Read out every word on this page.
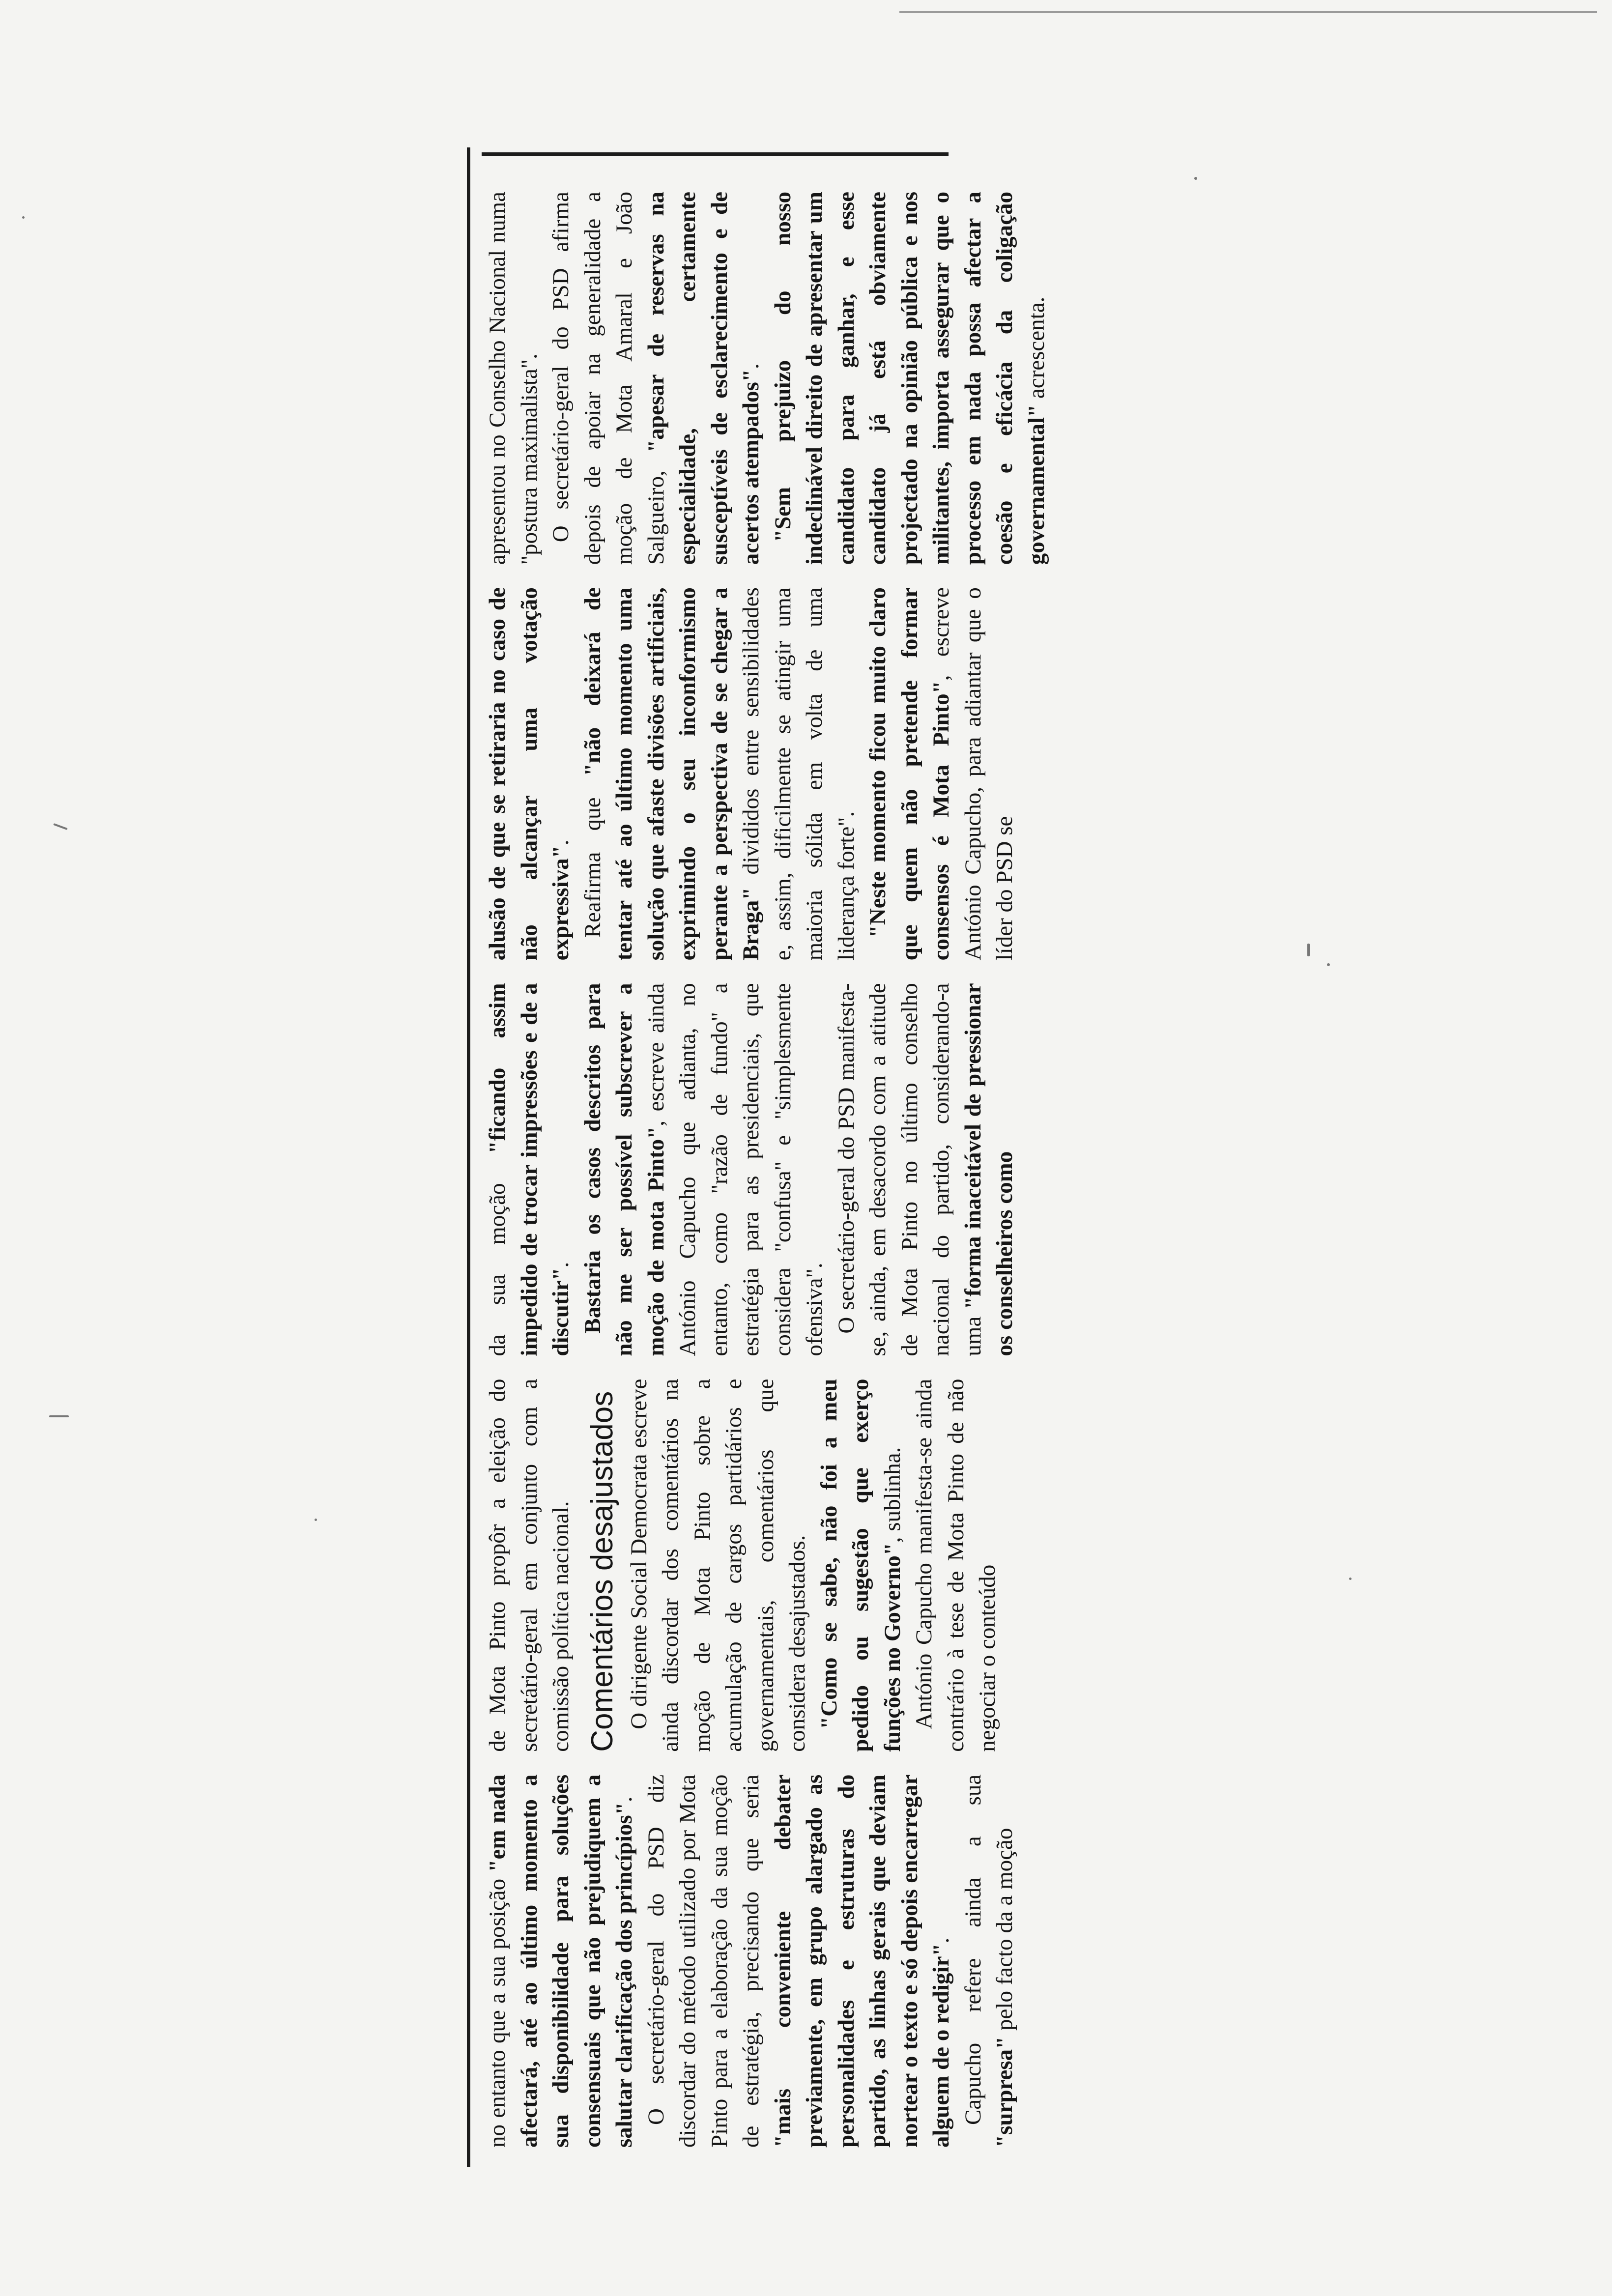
no entanto que a sua posição "em nada afectará, até ao último momento a sua disponibilidade para soluções consensuais que não prejudiquem a salutar clarificação dos princípios". O secretário-geral do PSD diz discordar do método utilizado por Mota Pinto para a elaboração da sua moção de estratégia, precisando que seria "mais conveniente debater previamente, em grupo alargado as personalidades e estruturas do partido, as linhas gerais que deviam nortear o texto e só depois encarregar alguem de o redigir". Capucho refere ainda a sua "surpresa" pelo facto da a moção

de Mota Pinto propôr a eleição do secretário-geral em conjunto com a comissão política nacional. Comentários desajustados O dirigente Social Democrata escreve ainda discordar dos comentários na moção de Mota Pinto sobre a acumulação de cargos partidários e governamentais, comentários que considera desajustados. "Como se sabe, não foi a meu pedido ou sugestão que exerço funções no Governo", sublinha. António Capucho manifesta-se ainda contrário à tese de Mota Pinto de não negociar o conteúdo

da sua moção "ficando assim impedido de trocar impressões e de a discutir". Bastaria os casos descritos para não me ser possível subscrever a moção de mota Pinto", escreve ainda António Capucho que adianta, no entanto, como "razão de fundo" a estratégia para as presidenciais, que considera "confusa" e "simplesmente ofensiva". O secretário-geral do PSD manifesta-se, ainda, em desacordo com a atitude de Mota Pinto no último conselho nacional do partido, considerando-a uma "forma inaceitável de pressionar os conselheiros como

alusão de que se retiraria no caso de não alcançar uma votação expressiva". Reafirma que "não deixará de tentar até ao último momento uma solução que afaste divisões artificiais, exprimindo o seu inconformismo perante a perspectiva de se chegar a Braga" divididos entre sensibilidades e, assim, dificilmente se atingir uma maioria sólida em volta de uma liderança forte". "Neste momento ficou muito claro que quem não pretende formar consensos é Mota Pinto", escreve António Capucho, para adiantar que o líder do PSD se

apresentou no Conselho Nacional numa "postura maximalista". O secretário-geral do PSD afirma depois de apoiar na generalidade a moção de Mota Amaral e João Salgueiro, "apesar de reservas na especialidade, certamente susceptíveis de esclarecimento e de acertos atempados". "Sem prejuizo do nosso indeclinável direito de apresentar um candidato para ganhar, e esse candidato já está obviamente projectado na opinião pública e nos militantes, importa assegurar que o processo em nada possa afectar a coesão e eficácia da coligação governamental" acrescenta.
